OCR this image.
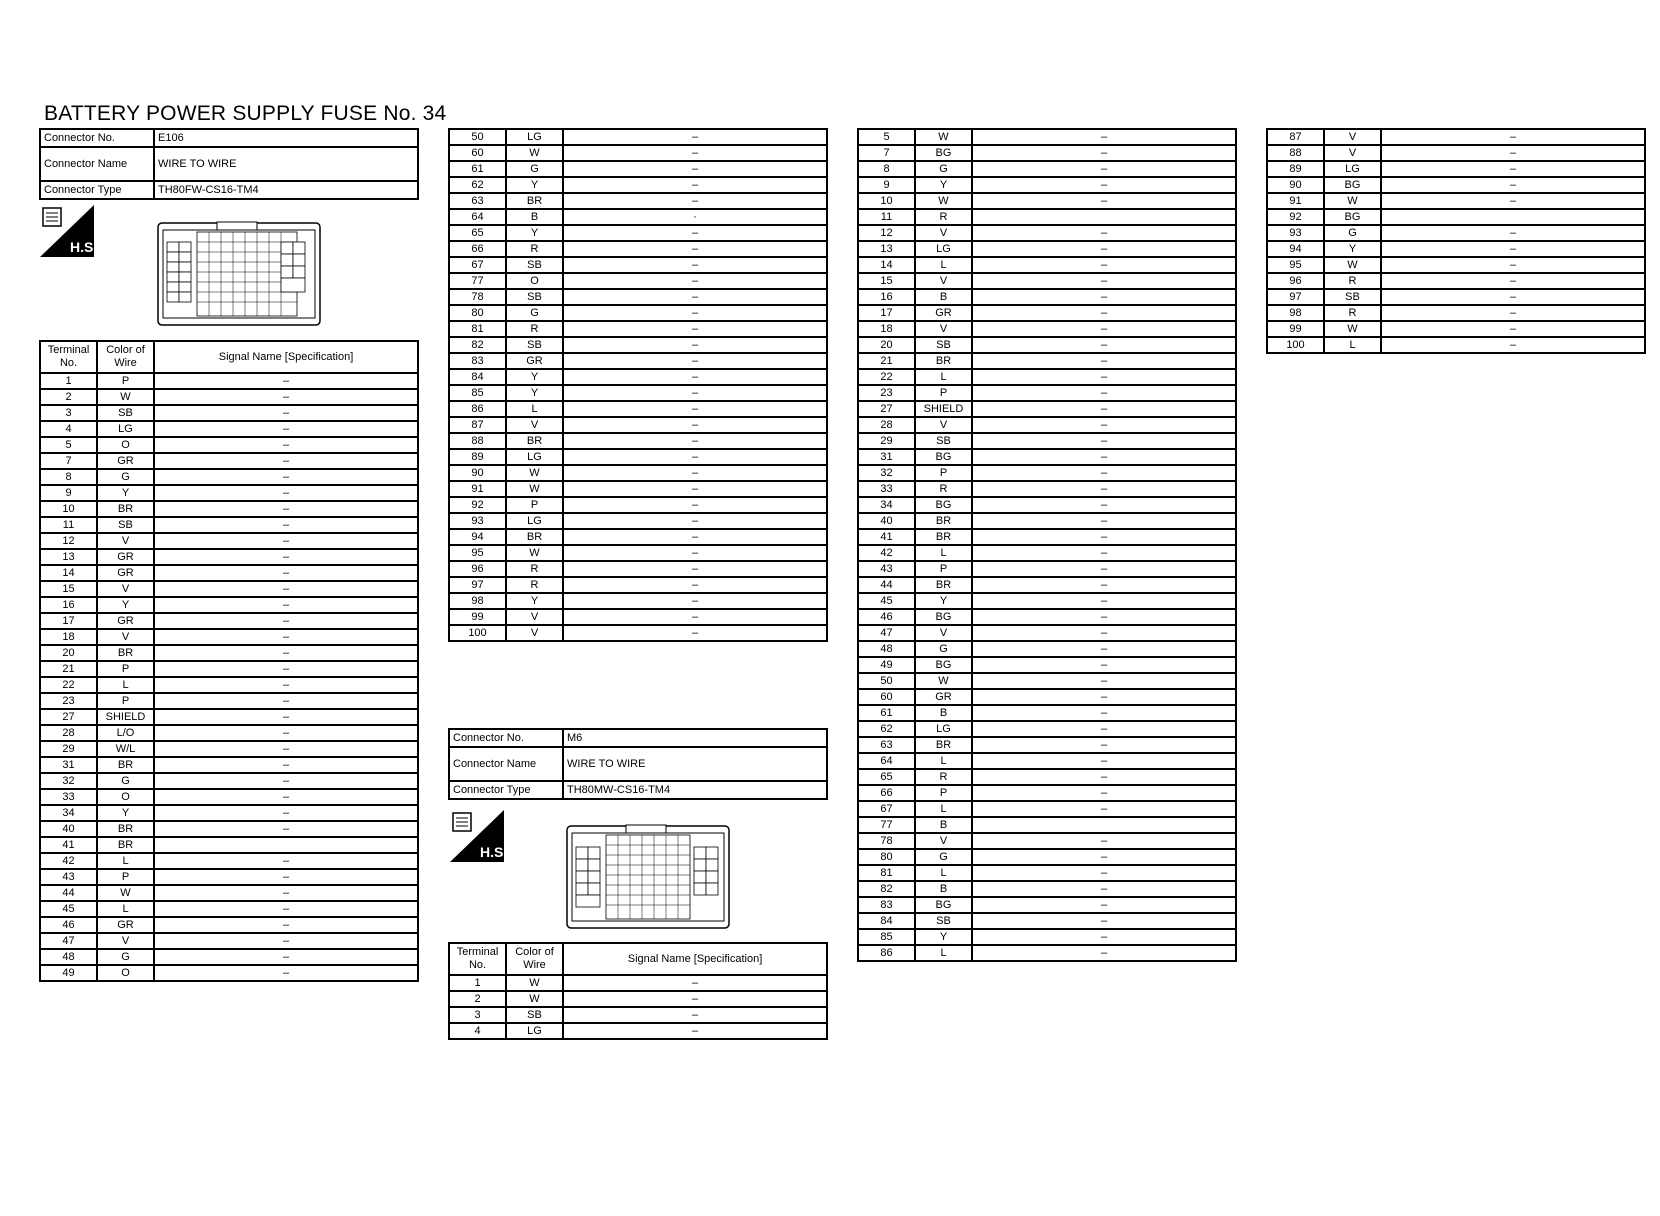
BATTERY POWER SUPPLY FUSE No. 34
Connector No.	E106
Connector Name	WIRE TO WIRE
Connector Type	TH80FW-CS16-TM4
H.S.
Terminal No.	Color of Wire	Signal Name [Specification]
1	P	–
2	W	–
3	SB	–
4	LG	–
5	O	–
7	GR	–
8	G	–
9	Y	–
10	BR	–
11	SB	–
12	V	–
13	GR	–
14	GR	–
15	V	–
16	Y	–
17	GR	–
18	V	–
20	BR	–
21	P	–
22	L	–
23	P	–
27	SHIELD	–
28	L/O	–
29	W/L	–
31	BR	–
32	G	–
33	O	–
34	Y	–
40	BR	–
41	BR	
42	L	–
43	P	–
44	W	–
45	L	–
46	GR	–
47	V	–
48	G	–
49	O	–
50	LG	–
60	W	–
61	G	–
62	Y	–
63	BR	–
64	B	·
65	Y	–
66	R	–
67	SB	–
77	O	–
78	SB	–
80	G	–
81	R	–
82	SB	–
83	GR	–
84	Y	–
85	Y	–
86	L	–
87	V	–
88	BR	–
89	LG	–
90	W	–
91	W	–
92	P	–
93	LG	–
94	BR	–
95	W	–
96	R	–
97	R	–
98	Y	–
99	V	–
100	V	–
Connector No.	M6
Connector Name	WIRE TO WIRE
Connector Type	TH80MW-CS16-TM4
H.S.
Terminal No.	Color of Wire	Signal Name [Specification]
1	W	–
2	W	–
3	SB	–
4	LG	–
5	W	–
7	BG	–
8	G	–
9	Y	–
10	W	–
11	R	
12	V	–
13	LG	–
14	L	–
15	V	–
16	B	–
17	GR	–
18	V	–
20	SB	–
21	BR	–
22	L	–
23	P	–
27	SHIELD	–
28	V	–
29	SB	–
31	BG	–
32	P	–
33	R	–
34	BG	–
40	BR	–
41	BR	–
42	L	–
43	P	–
44	BR	–
45	Y	–
46	BG	–
47	V	–
48	G	–
49	BG	–
50	W	–
60	GR	–
61	B	–
62	LG	–
63	BR	–
64	L	–
65	R	–
66	P	–
67	L	–
77	B	
78	V	–
80	G	–
81	L	–
82	B	–
83	BG	–
84	SB	–
85	Y	–
86	L	–
87	V	–
88	V	–
89	LG	–
90	BG	–
91	W	–
92	BG	
93	G	–
94	Y	–
95	W	–
96	R	–
97	SB	–
98	R	–
99	W	–
100	L	–
